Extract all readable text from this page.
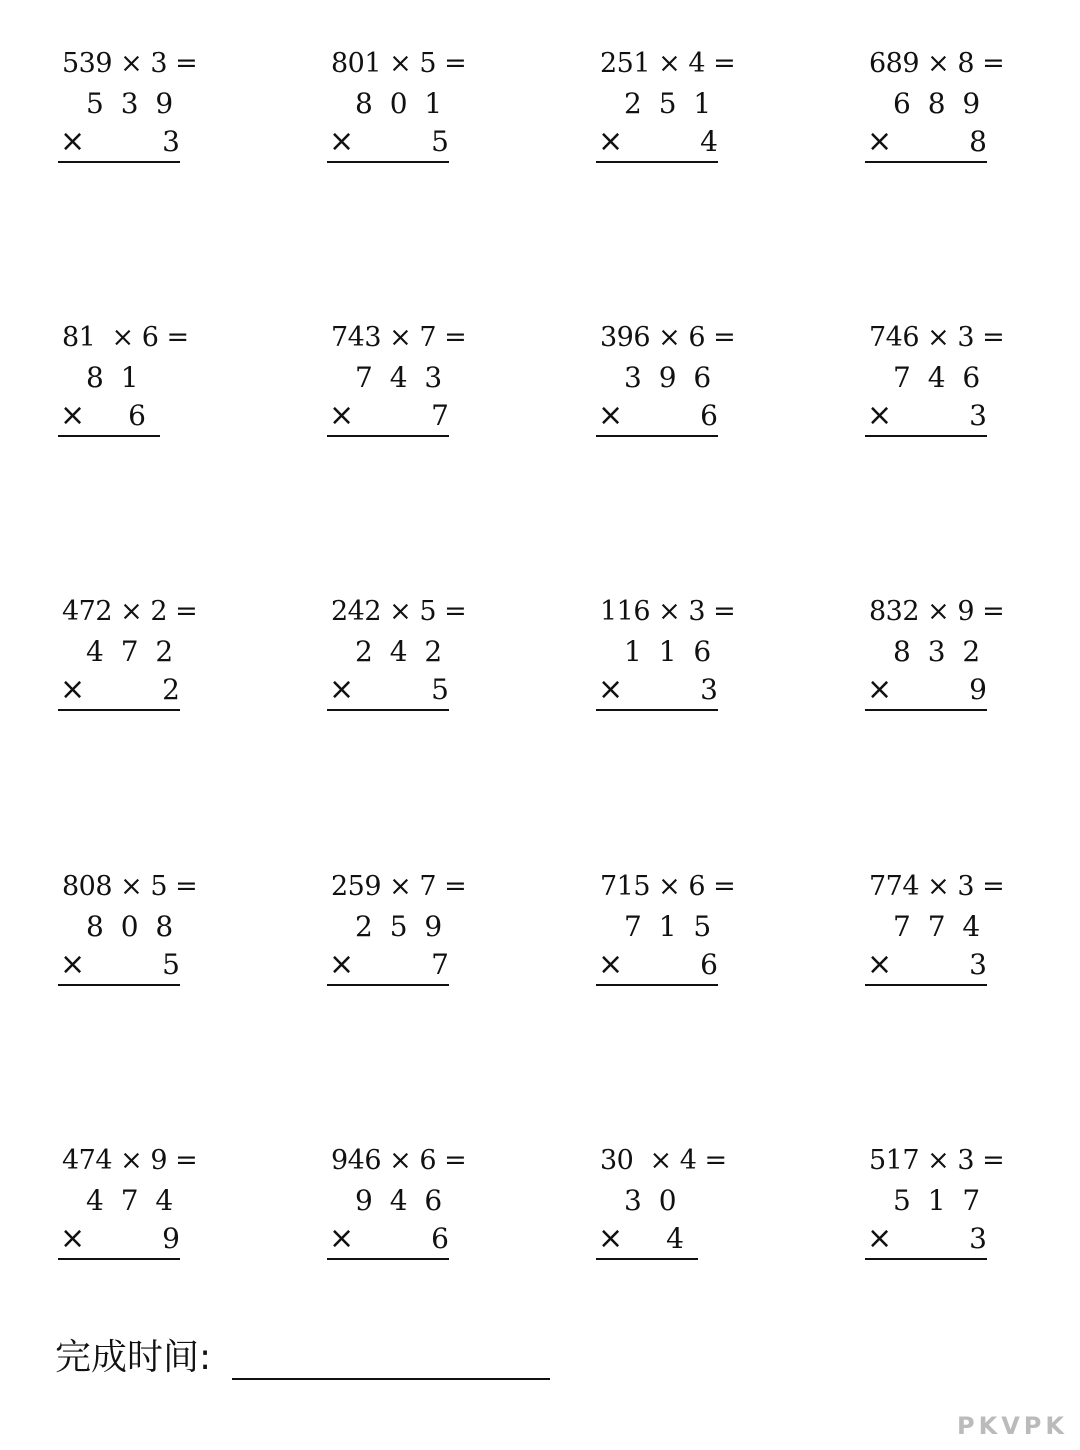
539 × 3 =
5 3 9
×	3
801 × 5 =
8 0 1
×	5
251 × 4 =
2 5 1
×	4
689 × 8 =
6 8 9
×	8
81  × 6 =
8 1
× 6
743 × 7 =
7 4 3
×	7
396 × 6 =
3 9 6
×	6
746 × 3 =
7 4 6
×	3
472 × 2 =
4 7 2
×	2
242 × 5 =
2 4 2
×	5
116 × 3 =
1 1 6
×	3
832 × 9 =
8 3 2
×	9
808 × 5 =
8 0 8
×	5
259 × 7 =
2 5 9
×	7
715 × 6 =
7 1 5
×	6
774 × 3 =
7 7 4
×	3
474 × 9 =
4 7 4
×	9
946 × 6 =
9 4 6
×	6
30  × 4 =
3 0
× 4
517 × 3 =
5 1 7
×	3
完成时间:
PKVPK
